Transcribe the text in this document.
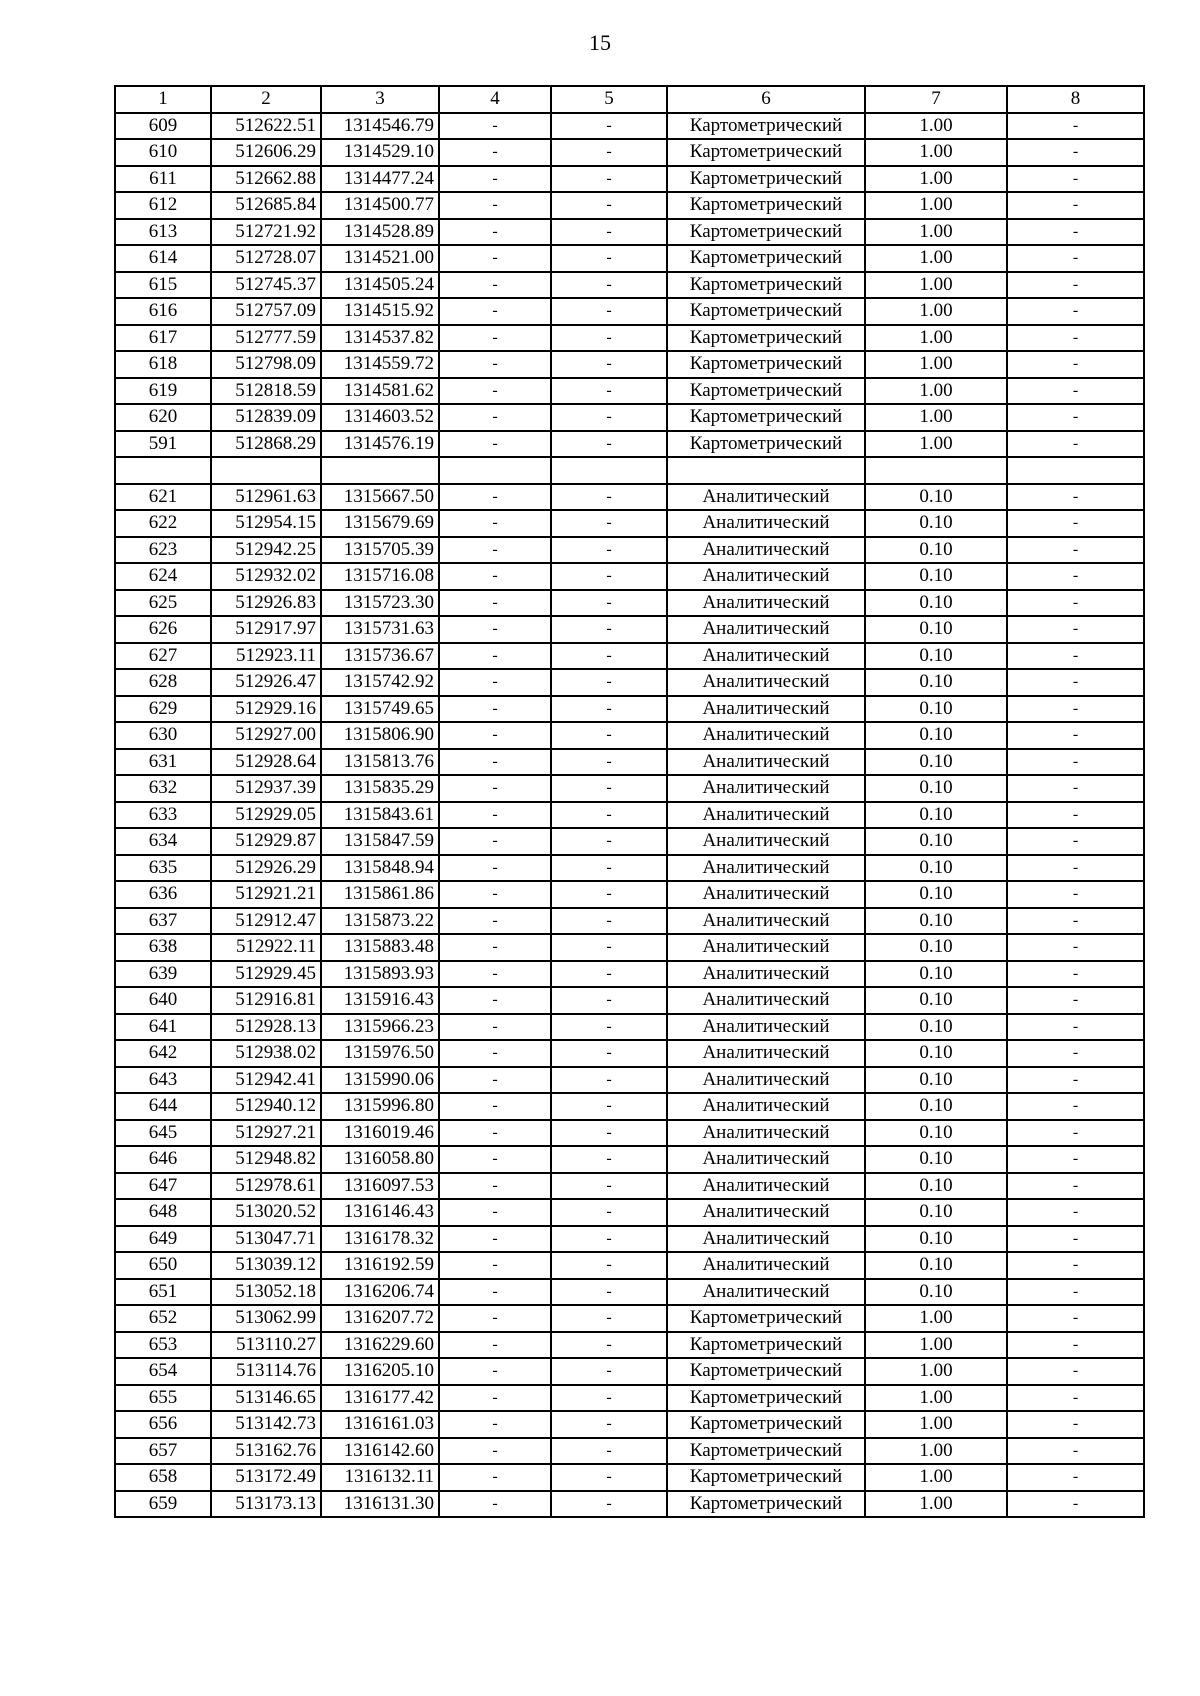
15
1	2	3	4	5	6	7	8
609	512622.51	1314546.79	-	-	Картометрический	1.00	-
610	512606.29	1314529.10	-	-	Картометрический	1.00	-
611	512662.88	1314477.24	-	-	Картометрический	1.00	-
612	512685.84	1314500.77	-	-	Картометрический	1.00	-
613	512721.92	1314528.89	-	-	Картометрический	1.00	-
614	512728.07	1314521.00	-	-	Картометрический	1.00	-
615	512745.37	1314505.24	-	-	Картометрический	1.00	-
616	512757.09	1314515.92	-	-	Картометрический	1.00	-
617	512777.59	1314537.82	-	-	Картометрический	1.00	-
618	512798.09	1314559.72	-	-	Картометрический	1.00	-
619	512818.59	1314581.62	-	-	Картометрический	1.00	-
620	512839.09	1314603.52	-	-	Картометрический	1.00	-
591	512868.29	1314576.19	-	-	Картометрический	1.00	-

621	512961.63	1315667.50	-	-	Аналитический	0.10	-
622	512954.15	1315679.69	-	-	Аналитический	0.10	-
623	512942.25	1315705.39	-	-	Аналитический	0.10	-
624	512932.02	1315716.08	-	-	Аналитический	0.10	-
625	512926.83	1315723.30	-	-	Аналитический	0.10	-
626	512917.97	1315731.63	-	-	Аналитический	0.10	-
627	512923.11	1315736.67	-	-	Аналитический	0.10	-
628	512926.47	1315742.92	-	-	Аналитический	0.10	-
629	512929.16	1315749.65	-	-	Аналитический	0.10	-
630	512927.00	1315806.90	-	-	Аналитический	0.10	-
631	512928.64	1315813.76	-	-	Аналитический	0.10	-
632	512937.39	1315835.29	-	-	Аналитический	0.10	-
633	512929.05	1315843.61	-	-	Аналитический	0.10	-
634	512929.87	1315847.59	-	-	Аналитический	0.10	-
635	512926.29	1315848.94	-	-	Аналитический	0.10	-
636	512921.21	1315861.86	-	-	Аналитический	0.10	-
637	512912.47	1315873.22	-	-	Аналитический	0.10	-
638	512922.11	1315883.48	-	-	Аналитический	0.10	-
639	512929.45	1315893.93	-	-	Аналитический	0.10	-
640	512916.81	1315916.43	-	-	Аналитический	0.10	-
641	512928.13	1315966.23	-	-	Аналитический	0.10	-
642	512938.02	1315976.50	-	-	Аналитический	0.10	-
643	512942.41	1315990.06	-	-	Аналитический	0.10	-
644	512940.12	1315996.80	-	-	Аналитический	0.10	-
645	512927.21	1316019.46	-	-	Аналитический	0.10	-
646	512948.82	1316058.80	-	-	Аналитический	0.10	-
647	512978.61	1316097.53	-	-	Аналитический	0.10	-
648	513020.52	1316146.43	-	-	Аналитический	0.10	-
649	513047.71	1316178.32	-	-	Аналитический	0.10	-
650	513039.12	1316192.59	-	-	Аналитический	0.10	-
651	513052.18	1316206.74	-	-	Аналитический	0.10	-
652	513062.99	1316207.72	-	-	Картометрический	1.00	-
653	513110.27	1316229.60	-	-	Картометрический	1.00	-
654	513114.76	1316205.10	-	-	Картометрический	1.00	-
655	513146.65	1316177.42	-	-	Картометрический	1.00	-
656	513142.73	1316161.03	-	-	Картометрический	1.00	-
657	513162.76	1316142.60	-	-	Картометрический	1.00	-
658	513172.49	1316132.11	-	-	Картометрический	1.00	-
659	513173.13	1316131.30	-	-	Картометрический	1.00	-
